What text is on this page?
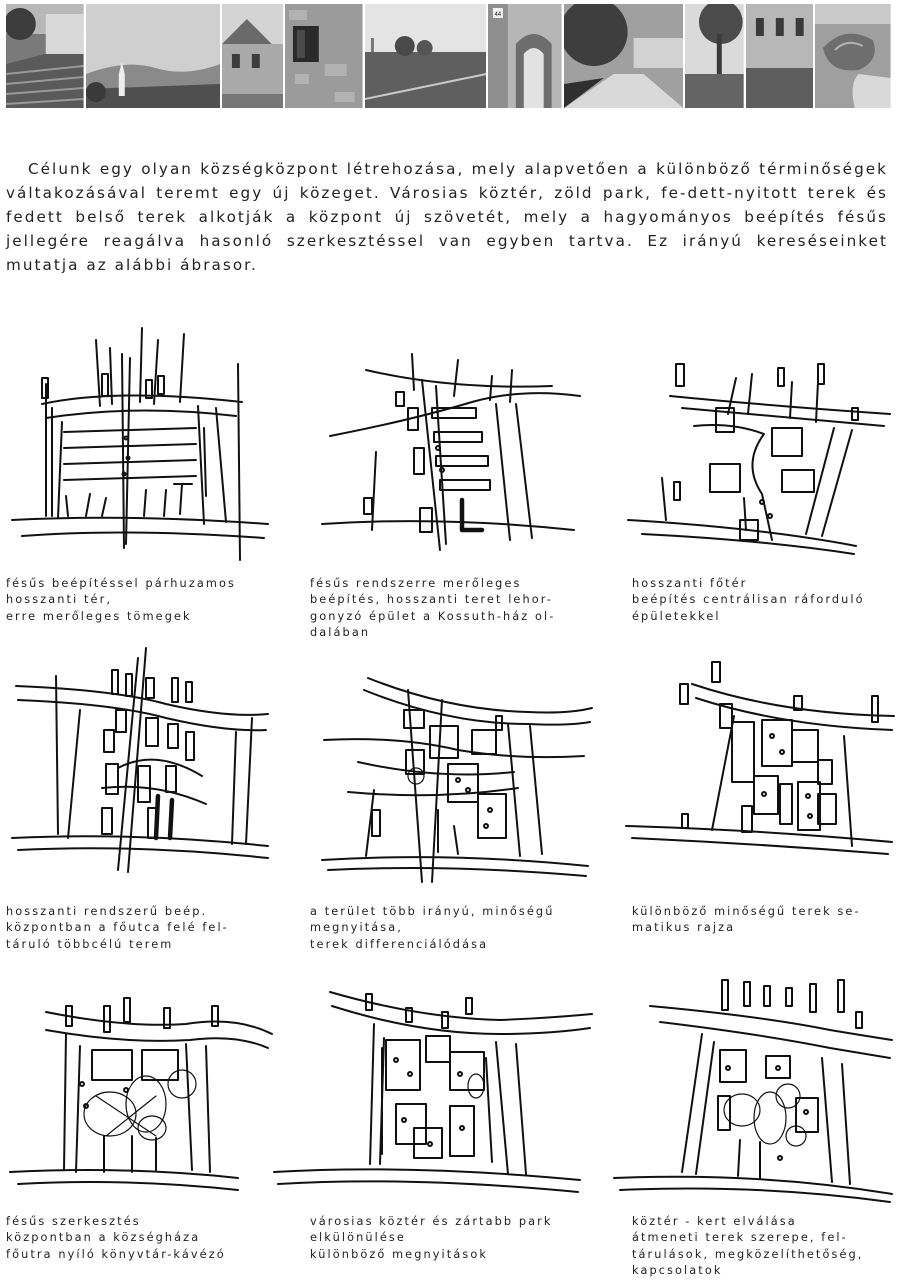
44

Célunk egy olyan községközpont létrehozása, mely alapvetően a különböző términőségek váltakozásával teremt egy új közeget. Városias köztér, zöld park, fe-dett-nyitott terek és fedett belső terek alkotják a központ új szövetét, mely a hagyományos beépítés fésűs jellegére reagálva hasonló szerkesztéssel van egyben tartva. Ez irányú kereséseinket mutatja az alábbi ábrasor.

fésűs beépítéssel párhuzamos
hosszanti tér,
erre merőleges tömegek
fésűs rendszerre merőleges
beépítés, hosszanti teret lehor-
gonyzó épület a Kossuth-ház ol-
dalában
hosszanti főtér
beépítés centrálisan ráforduló
épületekkel
hosszanti rendszerű beép.
központban a főutca felé fel-
táruló többcélú terem
a terület több irányú, minőségű
megnyitása,
terek differenciálódása
különböző minőségű terek se-
matikus rajza
fésűs szerkesztés
központban a községháza
főutra nyíló könyvtár-kávézó
városias köztér és zártabb park
elkülönülése
különböző megnyitások
köztér - kert elválása
átmeneti terek szerepe, fel-
tárulások, megközelíthetőség,
kapcsolatok
